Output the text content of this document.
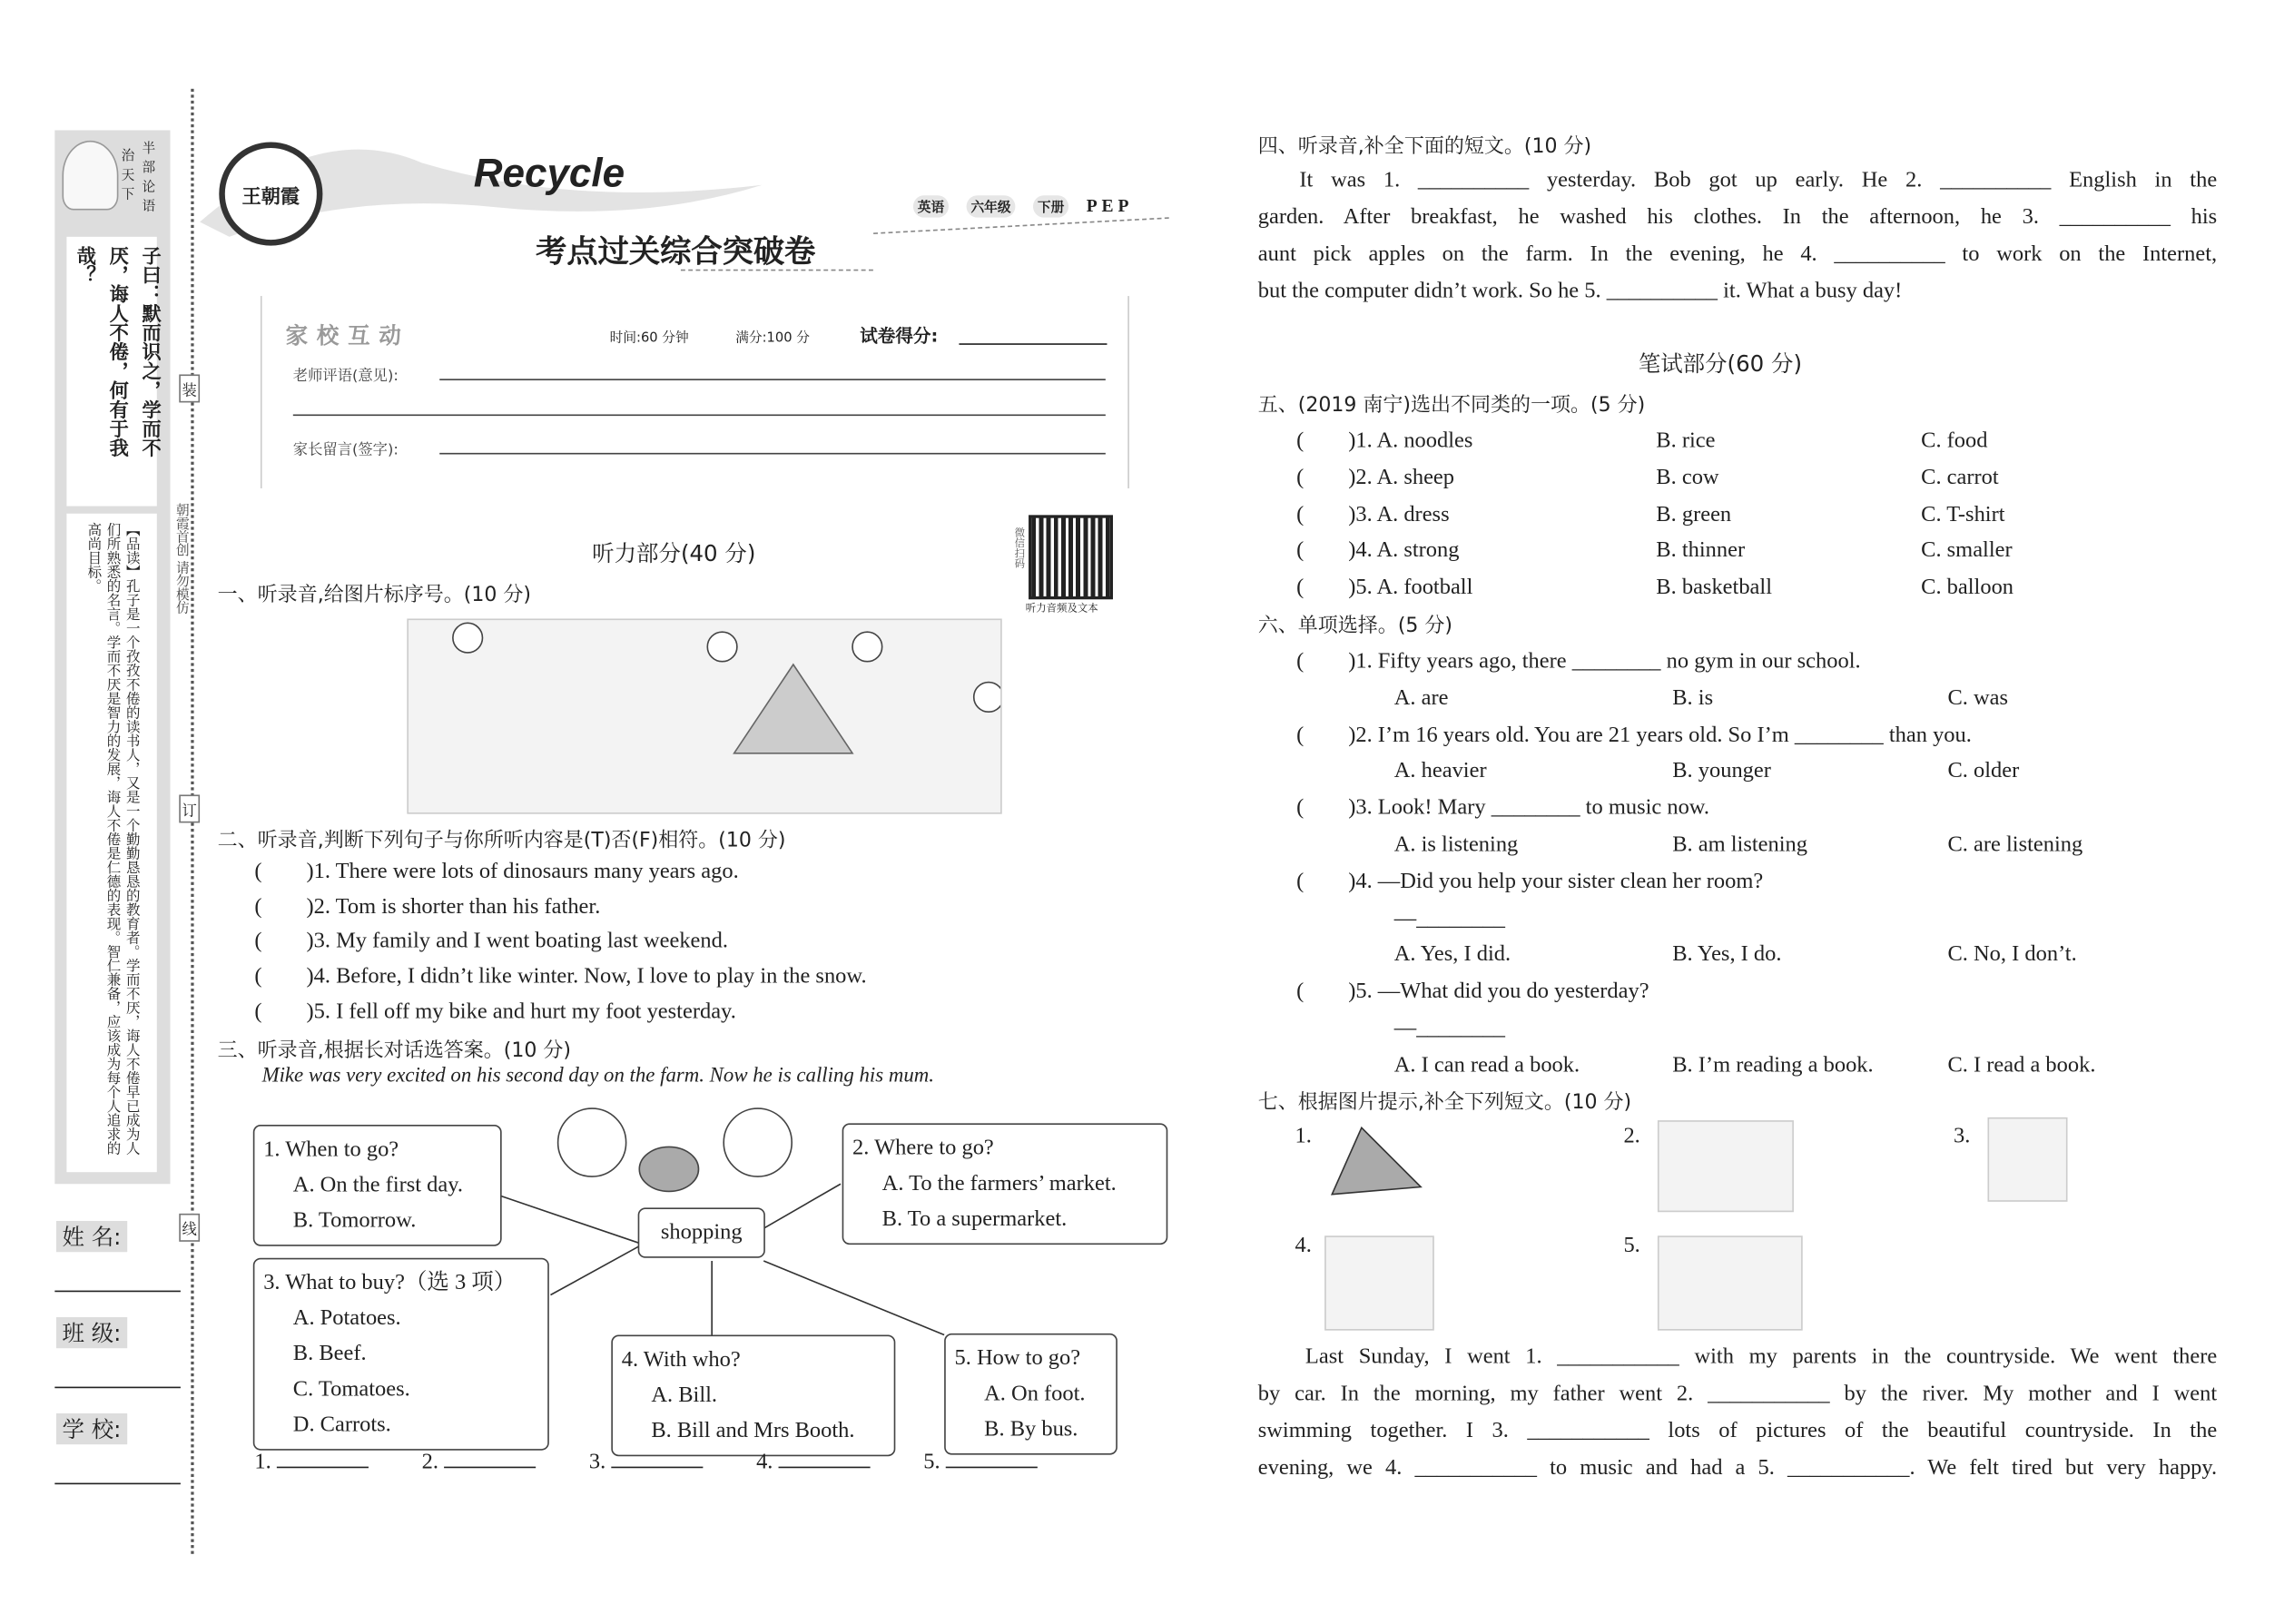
半部论语
治天下
子曰：默而识之，学而不厌，诲人不倦，何有于我哉？
【品读】孔子是一个孜孜不倦的读书人，又是一个勤勤恳恳的教育者。学而不厌，诲人不倦早已成为人们所熟悉的名言。学而不厌是智力的发展，诲人不倦是仁德的表现。智仁兼备，应该成为每个人追求的高尚目标。
装
订
线
朝霞首创 请勿模仿
姓 名:
班 级:
学 校:
王朝霞
Recycle
考点过关综合突破卷
英语	六年级	下册	PEP
家校互动	时间:60 分钟	满分:100 分	试卷得分:
老师评语(意见):
家长留言(签字):
微信扫码
听力音频及文本
听力部分(40 分)
一、听录音,给图片标序号。(10 分)
二、听录音,判断下列句子与你所听内容是(T)否(F)相符。(10 分)
(　　)1. There were lots of dinosaurs many years ago.
(　　)2. Tom is shorter than his father.
(　　)3. My family and I went boating last weekend.
(　　)4. Before, I didn’t like winter. Now, I love to play in the snow.
(　　)5. I fell off my bike and hurt my foot yesterday.
三、听录音,根据长对话选答案。(10 分)
Mike was very excited on his second day on the farm. Now he is calling his mum.
1. When to go?
A. On the first day.
B. Tomorrow.
2. Where to go?
A. To the farmers’ market.
B. To a supermarket.
shopping
3. What to buy?（选 3 项）
A. Potatoes.
B. Beef.
C. Tomatoes.
D. Carrots.
4. With who?
A. Bill.
B. Bill and Mrs Booth.
5. How to go?
A. On foot.
B. By bus.
1.	2.	3.	4.	5.
四、听录音,补全下面的短文。(10 分)
It was 1. __________ yesterday. Bob got up early. He 2. __________ English in the
garden. After breakfast, he washed his clothes. In the afternoon, he 3. __________ his
aunt pick apples on the farm. In the evening, he 4. __________ to work on the Internet,
but the computer didn’t work. So he 5. __________ it. What a busy day!
笔试部分(60 分)
五、(2019 南宁)选出不同类的一项。(5 分)
(　　)1. A. noodles	B. rice	C. food
(　　)2. A. sheep	B. cow	C. carrot
(　　)3. A. dress	B. green	C. T-shirt
(　　)4. A. strong	B. thinner	C. smaller
(　　)5. A. football	B. basketball	C. balloon
六、单项选择。(5 分)
(　　)1. Fifty years ago, there ________ no gym in our school.
A. are	B. is	C. was
(　　)2. I’m 16 years old. You are 21 years old. So I’m ________ than you.
A. heavier	B. younger	C. older
(　　)3. Look! Mary ________ to music now.
A. is listening	B. am listening	C. are listening
(　　)4. —Did you help your sister clean her room?
—________
A. Yes, I did.	B. Yes, I do.	C. No, I don’t.
(　　)5. —What did you do yesterday?
—________
A. I can read a book.	B. I’m reading a book.	C. I read a book.
七、根据图片提示,补全下列短文。(10 分)
1.	2.	3.
4.	5.
Last Sunday, I went 1. ___________ with my parents in the countryside. We went there
by car. In the morning, my father went 2. ___________ by the river. My mother and I went
swimming together. I 3. ___________ lots of pictures of the beautiful countryside. In the
evening, we 4. ___________ to music and had a 5. ___________. We felt tired but very happy.
